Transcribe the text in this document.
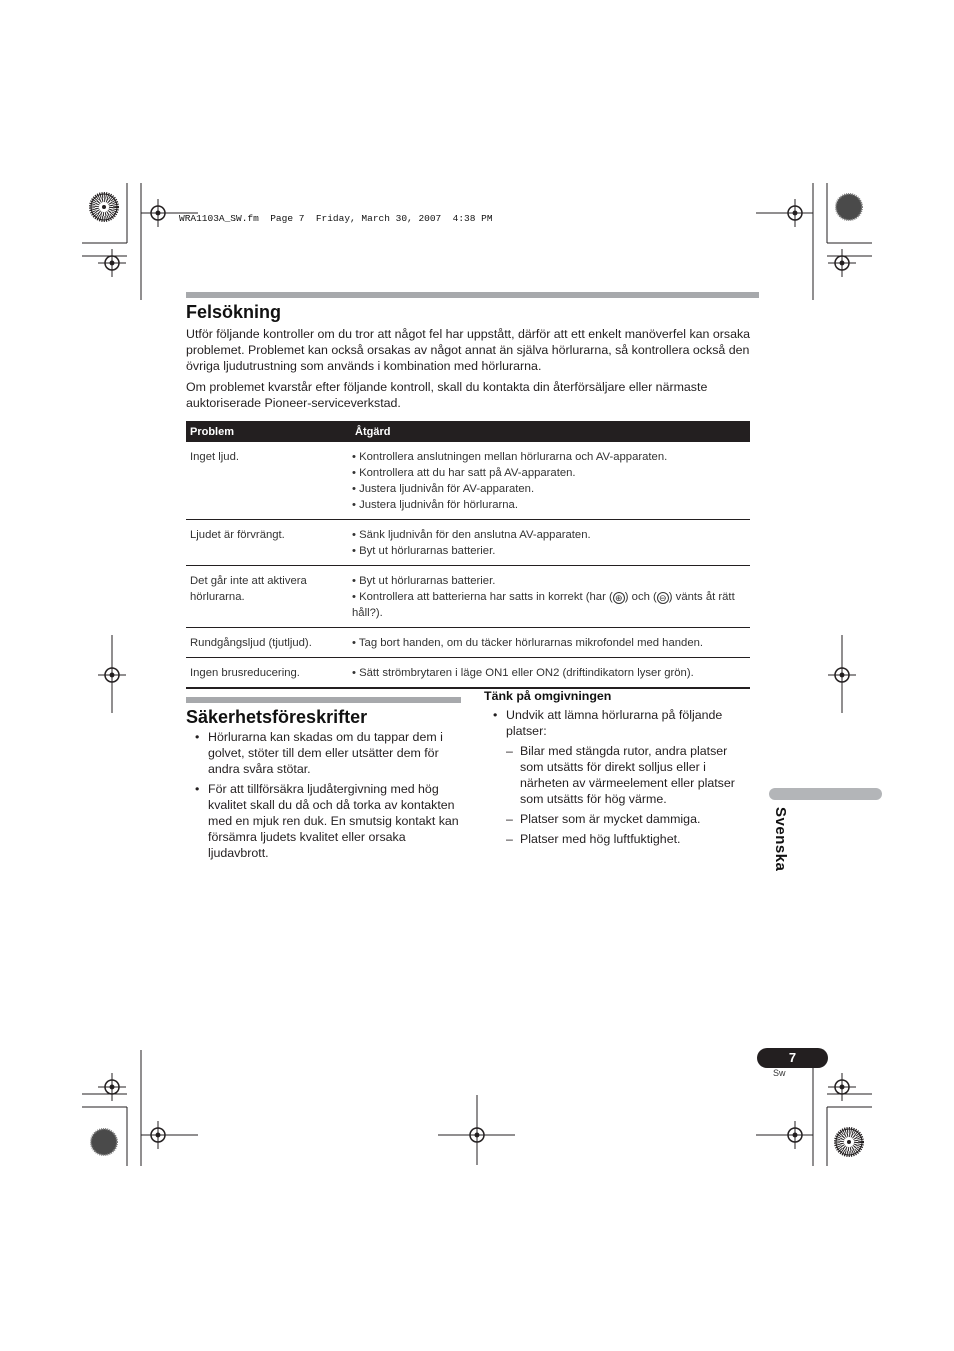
WRA1103A_SW.fm  Page 7  Friday, March 30, 2007  4:38 PM
Felsökning

Utför följande kontroller om du tror att något fel har uppstått, därför att ett enkelt manöverfel kan orsaka problemet. Problemet kan också orsakas av något annat än själva hörlurarna, så kontrollera också den övriga ljudutrustning som används i kombination med hörlurarna.

Om problemet kvarstår efter följande kontroll, skall du kontakta din återförsäljare eller närmaste auktoriserade Pioneer-serviceverkstad.

Problem	Åtgärd
Inget ljud.	• Kontrollera anslutningen mellan hörlurarna och AV-apparaten.
• Kontrollera att du har satt på AV-apparaten.
• Justera ljudnivån för AV-apparaten.
• Justera ljudnivån för hörlurarna.

Ljudet är förvrängt.	• Sänk ljudnivån för den anslutna AV-apparaten.
• Byt ut hörlurarnas batterier.

Det går inte att aktivera hörlurarna.	• Byt ut hörlurarnas batterier.
• Kontrollera att batterierna har satts in korrekt (har ( ⊕ ) och ( ⊖ ) vänts åt rätt håll?).
Rundgångsljud (tjutljud).	• Tag bort handen, om du täcker hörlurarnas mikrofondel med handen.

Ingen brusreducering.	• Sätt strömbrytaren i läge ON1 eller ON2 (driftindikatorn lyser grön).
Säkerhetsföreskrifter
• Hörlurarna kan skadas om du tappar dem i golvet, stöter till dem eller utsätter dem för andra svåra stötar.
• För att tillförsäkra ljudåtergivning med hög kvalitet skall du då och då torka av kontakten med en mjuk ren duk. En smutsig kontakt kan försämra ljudets kvalitet eller orsaka ljudavbrott.
Tänk på omgivningen
• Undvik att lämna hörlurarna på följande platser:
– Bilar med stängda rutor, andra platser som utsätts för direkt solljus eller i närheten av värmeelement eller platser som utsätts för hög värme.
– Platser som är mycket dammiga.
– Platser med hög luftfuktighet.	Svenska
7
Sw
